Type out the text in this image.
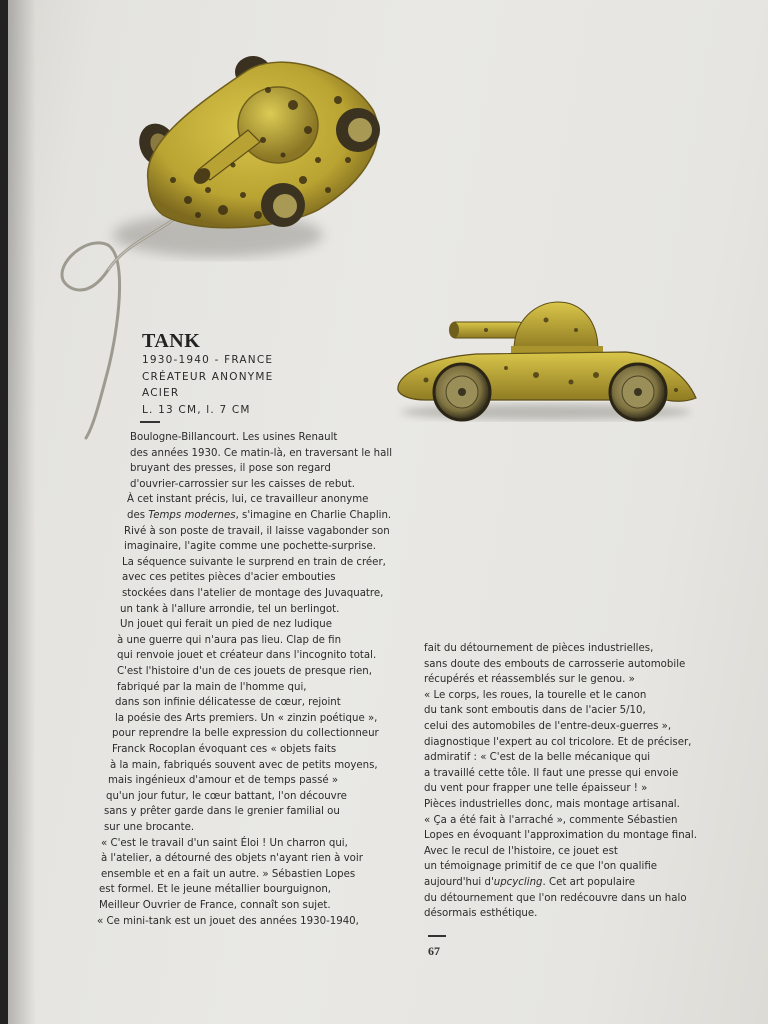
TANK
1930-1940 - FRANCE
CRÉATEUR ANONYME
ACIER
L. 13 CM, l. 7 CM
Boulogne-Billancourt. Les usines Renault
des années 1930. Ce matin-là, en traversant le hall
bruyant des presses, il pose son regard
d'ouvrier-carrossier sur les caisses de rebut.
À cet instant précis, lui, ce travailleur anonyme
des Temps modernes, s'imagine en Charlie Chaplin.
Rivé à son poste de travail, il laisse vagabonder son
imaginaire, l'agite comme une pochette-surprise.
La séquence suivante le surprend en train de créer,
avec ces petites pièces d'acier embouties
stockées dans l'atelier de montage des Juvaquatre,
un tank à l'allure arrondie, tel un berlingot.
Un jouet qui ferait un pied de nez ludique
à une guerre qui n'aura pas lieu. Clap de fin
qui renvoie jouet et créateur dans l'incognito total.
C'est l'histoire d'un de ces jouets de presque rien,
fabriqué par la main de l'homme qui,
dans son infinie délicatesse de cœur, rejoint
la poésie des Arts premiers. Un « zinzin poétique »,
pour reprendre la belle expression du collectionneur
Franck Rocoplan évoquant ces « objets faits
à la main, fabriqués souvent avec de petits moyens,
mais ingénieux d'amour et de temps passé »
qu'un jour futur, le cœur battant, l'on découvre
sans y prêter garde dans le grenier familial ou
sur une brocante.
« C'est le travail d'un saint Éloi ! Un charron qui,
à l'atelier, a détourné des objets n'ayant rien à voir
ensemble et en a fait un autre. » Sébastien Lopes
est formel. Et le jeune métallier bourguignon,
Meilleur Ouvrier de France, connaît son sujet.
« Ce mini-tank est un jouet des années 1930-1940,
fait du détournement de pièces industrielles,
sans doute des embouts de carrosserie automobile
récupérés et réassemblés sur le genou. »
« Le corps, les roues, la tourelle et le canon
du tank sont emboutis dans de l'acier 5/10,
celui des automobiles de l'entre-deux-guerres »,
diagnostique l'expert au col tricolore. Et de préciser,
admiratif : « C'est de la belle mécanique qui
a travaillé cette tôle. Il faut une presse qui envoie
du vent pour frapper une telle épaisseur ! »
Pièces industrielles donc, mais montage artisanal.
« Ça a été fait à l'arraché », commente Sébastien
Lopes en évoquant l'approximation du montage final.
Avec le recul de l'histoire, ce jouet est
un témoignage primitif de ce que l'on qualifie
aujourd'hui d'upcycling. Cet art populaire
du détournement que l'on redécouvre dans un halo
désormais esthétique.
67
